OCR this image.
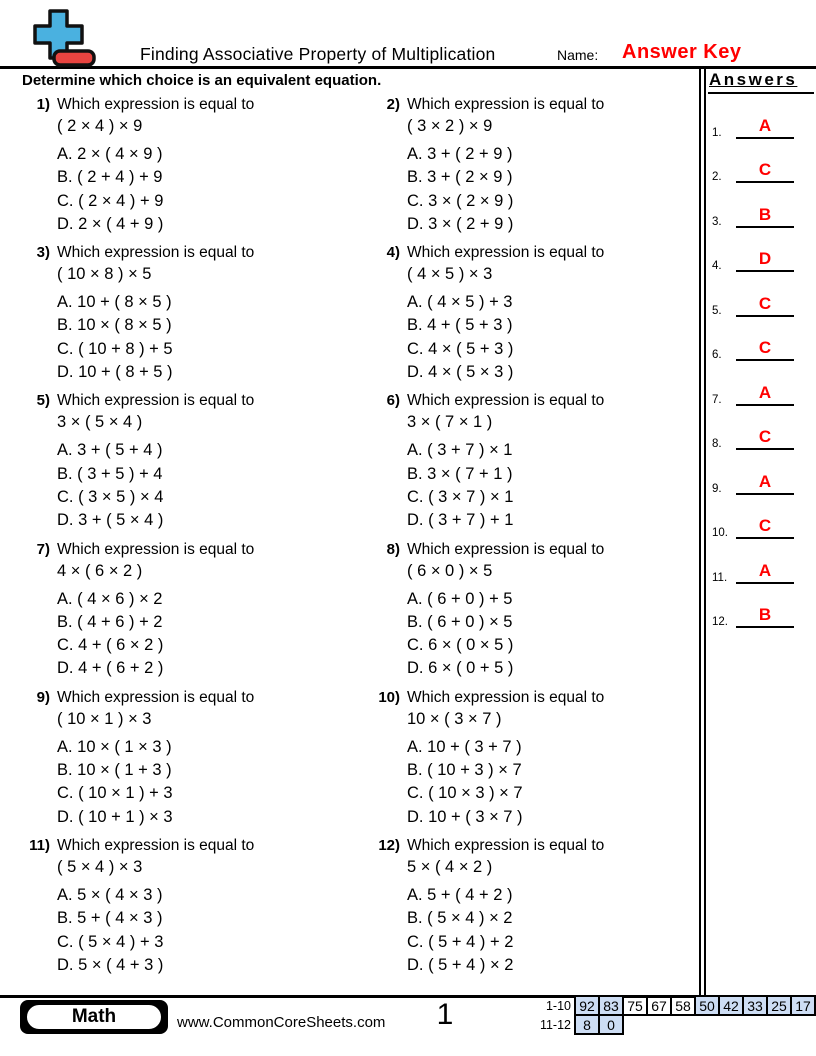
Finding Associative Property of Multiplication	Name: Answer Key
Determine which choice is an equivalent equation.
1) Which expression is equal to
( 2 × 4 ) × 9
A. 2 × ( 4 × 9 )
B. ( 2 + 4 ) + 9
C. ( 2 × 4 ) + 9
D. 2 × ( 4 + 9 )
2) Which expression is equal to
( 3 × 2 ) × 9
A. 3 + ( 2 + 9 )
B. 3 + ( 2 × 9 )
C. 3 × ( 2 × 9 )
D. 3 × ( 2 + 9 )
3) Which expression is equal to
( 10 × 8 ) × 5
A. 10 + ( 8 × 5 )
B. 10 × ( 8 × 5 )
C. ( 10 + 8 ) + 5
D. 10 + ( 8 + 5 )
4) Which expression is equal to
( 4 × 5 ) × 3
A. ( 4 × 5 ) + 3
B. 4 + ( 5 + 3 )
C. 4 × ( 5 + 3 )
D. 4 × ( 5 × 3 )
5) Which expression is equal to
3 × ( 5 × 4 )
A. 3 + ( 5 + 4 )
B. ( 3 + 5 ) + 4
C. ( 3 × 5 ) × 4
D. 3 + ( 5 × 4 )
6) Which expression is equal to
3 × ( 7 × 1 )
A. ( 3 + 7 ) × 1
B. 3 × ( 7 + 1 )
C. ( 3 × 7 ) × 1
D. ( 3 + 7 ) + 1
7) Which expression is equal to
4 × ( 6 × 2 )
A. ( 4 × 6 ) × 2
B. ( 4 + 6 ) + 2
C. 4 + ( 6 × 2 )
D. 4 + ( 6 + 2 )
8) Which expression is equal to
( 6 × 0 ) × 5
A. ( 6 + 0 ) + 5
B. ( 6 + 0 ) × 5
C. 6 × ( 0 × 5 )
D. 6 × ( 0 + 5 )
9) Which expression is equal to
( 10 × 1 ) × 3
A. 10 × ( 1 × 3 )
B. 10 × ( 1 + 3 )
C. ( 10 × 1 ) + 3
D. ( 10 + 1 ) × 3
10) Which expression is equal to
10 × ( 3 × 7 )
A. 10 + ( 3 + 7 )
B. ( 10 + 3 ) × 7
C. ( 10 × 3 ) × 7
D. 10 + ( 3 × 7 )
11) Which expression is equal to
( 5 × 4 ) × 3
A. 5 × ( 4 × 3 )
B. 5 + ( 4 × 3 )
C. ( 5 × 4 ) + 3
D. 5 × ( 4 + 3 )
12) Which expression is equal to
5 × ( 4 × 2 )
A. 5 + ( 4 + 2 )
B. ( 5 × 4 ) × 2
C. ( 5 + 4 ) + 2
D. ( 5 + 4 ) × 2
Answers
1.	A
2.	C
3.	B
4.	D
5.	C
6.	C
7.	A
8.	C
9.	A
10.	C
11.	A
12.	B
Math	www.CommonCoreSheets.com	1	1-10 92 83 75 67 58 50 42 33 25 17
11-12 8	0
